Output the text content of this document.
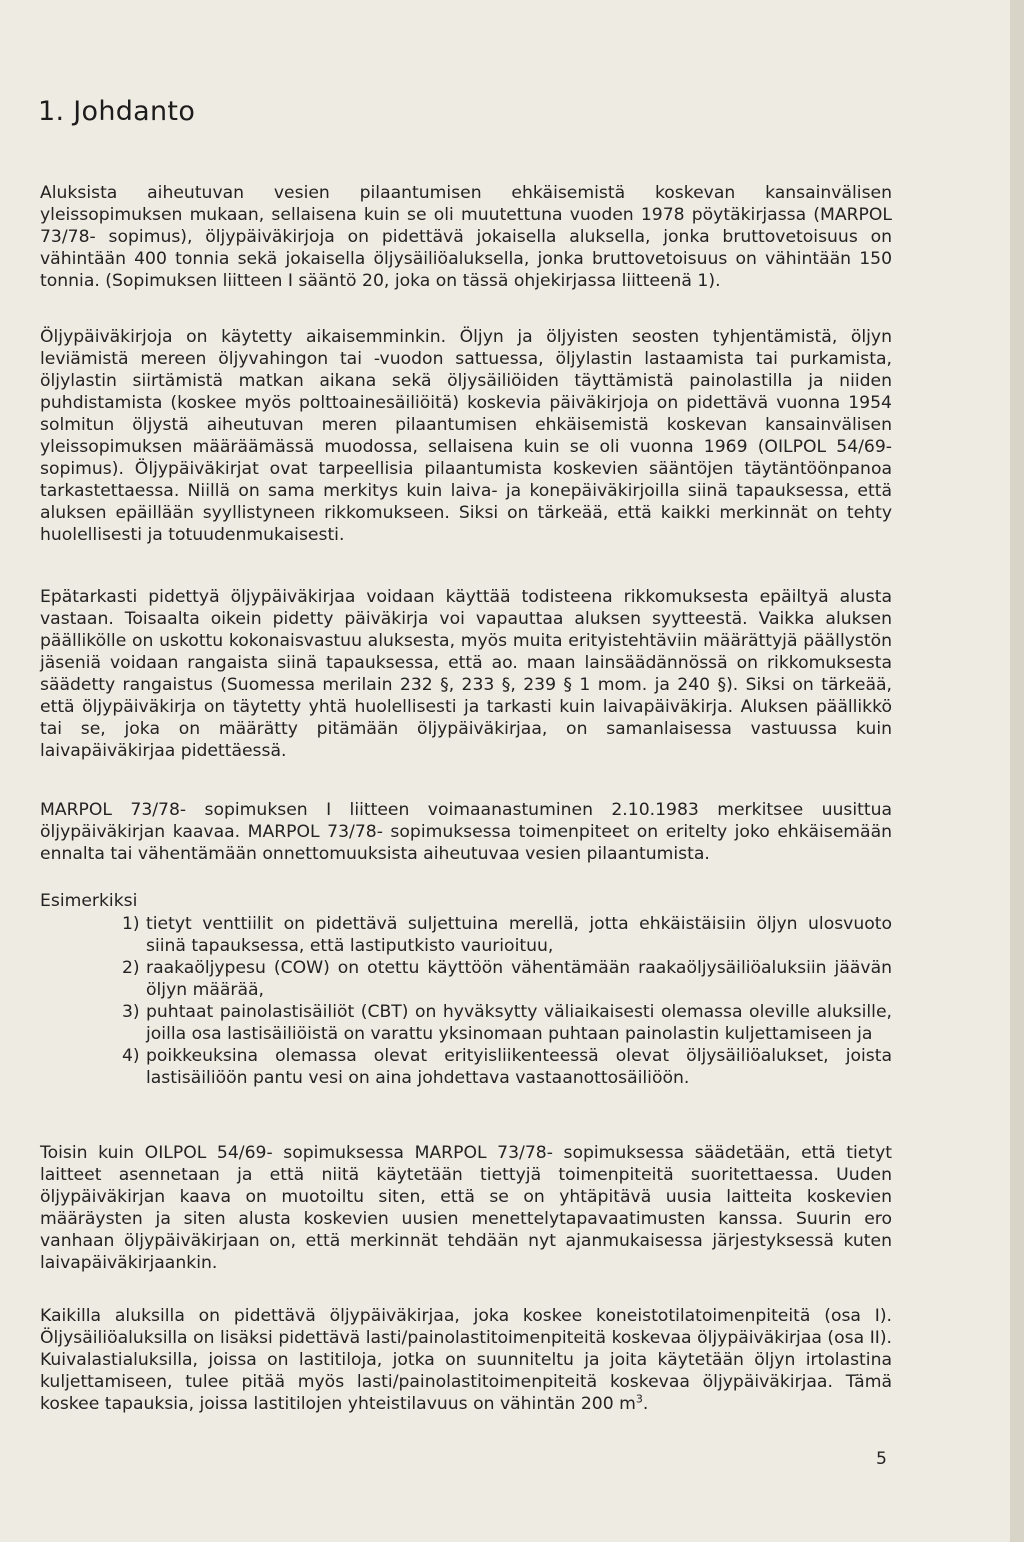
1. Johdanto
Aluksista aiheutuvan vesien pilaantumisen ehkäisemistä koskevan kansainvälisen yleissopimuksen mukaan, sellaisena kuin se oli muutettuna vuoden 1978 pöytäkirjassa (MARPOL 73/78- sopimus), öljypäiväkirjoja on pidettävä jokaisella aluksella, jonka bruttovetoisuus on vähintään 400 tonnia sekä jokaisella öljysäiliöaluksella, jonka bruttovetoisuus on vähintään 150 tonnia. (Sopimuksen liitteen I sääntö 20, joka on tässä ohjekirjassa liitteenä 1).
Öljypäiväkirjoja on käytetty aikaisemminkin. Öljyn ja öljyisten seosten tyhjentämistä, öljyn leviämistä mereen öljyvahingon tai -vuodon sattuessa, öljylastin lastaamista tai purkamista, öljylastin siirtämistä matkan aikana sekä öljysäiliöiden täyttämistä painolastilla ja niiden puhdistamista (koskee myös polttoainesäiliöitä) koskevia päiväkirjoja on pidettävä vuonna 1954 solmitun öljystä aiheutuvan meren pilaantumisen ehkäisemistä koskevan kansainvälisen yleissopimuksen määräämässä muodossa, sellaisena kuin se oli vuonna 1969 (OILPOL 54/69- sopimus). Öljypäiväkirjat ovat tarpeellisia pilaantumista koskevien sääntöjen täytäntöönpanoa tarkastettaessa. Niillä on sama merkitys kuin laiva- ja konepäiväkirjoilla siinä tapauksessa, että aluksen epäillään syyllistyneen rikkomukseen. Siksi on tärkeää, että kaikki merkinnät on tehty huolellisesti ja totuudenmukaisesti.
Epätarkasti pidettyä öljypäiväkirjaa voidaan käyttää todisteena rikkomuksesta epäiltyä alusta vastaan. Toisaalta oikein pidetty päiväkirja voi vapauttaa aluksen syytteestä. Vaikka aluksen päällikölle on uskottu kokonaisvastuu aluksesta, myös muita erityistehtäviin määrättyjä päällystön jäseniä voidaan rangaista siinä tapauksessa, että ao. maan lainsäädännössä on rikkomuksesta säädetty rangaistus (Suomessa merilain 232 §, 233 §, 239 § 1 mom. ja 240 §). Siksi on tärkeää, että öljypäiväkirja on täytetty yhtä huolellisesti ja tarkasti kuin laivapäiväkirja. Aluksen päällikkö tai se, joka on määrätty pitämään öljypäiväkirjaa, on samanlaisessa vastuussa kuin laivapäiväkirjaa pidettäessä.
MARPOL 73/78- sopimuksen I liitteen voimaanastuminen 2.10.1983 merkitsee uusittua öljypäiväkirjan kaavaa. MARPOL 73/78- sopimuksessa toimenpiteet on eritelty joko ehkäisemään ennalta tai vähentämään onnettomuuksista aiheutuvaa vesien pilaantumista.
Esimerkiksi
1) tietyt venttiilit on pidettävä suljettuina merellä, jotta ehkäistäisiin öljyn ulosvuoto siinä tapauksessa, että lastiputkisto vaurioituu,
2) raakaöljypesu (COW) on otettu käyttöön vähentämään raakaöljysäiliöaluksiin jäävän öljyn määrää,
3) puhtaat painolastisäiliöt (CBT) on hyväksytty väliaikaisesti olemassa oleville aluksille, joilla osa lastisäiliöistä on varattu yksinomaan puhtaan painolastin kuljettamiseen ja
4) poikkeuksina olemassa olevat erityisliikenteessä olevat öljysäiliöalukset, joista lastisäiliöön pantu vesi on aina johdettava vastaanottosäiliöön.
Toisin kuin OILPOL 54/69- sopimuksessa MARPOL 73/78- sopimuksessa säädetään, että tietyt laitteet asennetaan ja että niitä käytetään tiettyjä toimenpiteitä suoritettaessa. Uuden öljypäiväkirjan kaava on muotoiltu siten, että se on yhtäpitävä uusia laitteita koskevien määräysten ja siten alusta koskevien uusien menettelytapavaatimusten kanssa. Suurin ero vanhaan öljypäiväkirjaan on, että merkinnät tehdään nyt ajanmukaisessa järjestyksessä kuten laivapäiväkirjaankin.
Kaikilla aluksilla on pidettävä öljypäiväkirjaa, joka koskee koneistotilatoimenpiteitä (osa I). Öljysäiliöaluksilla on lisäksi pidettävä lasti/painolastitoimenpiteitä koskevaa öljypäiväkirjaa (osa II). Kuivalastialuksilla, joissa on lastitiloja, jotka on suunniteltu ja joita käytetään öljyn irtolastina kuljettamiseen, tulee pitää myös lasti/painolastitoimenpiteitä koskevaa öljypäiväkirjaa. Tämä koskee tapauksia, joissa lastitilojen yhteistilavuus on vähintän 200 $m^3$.
5
